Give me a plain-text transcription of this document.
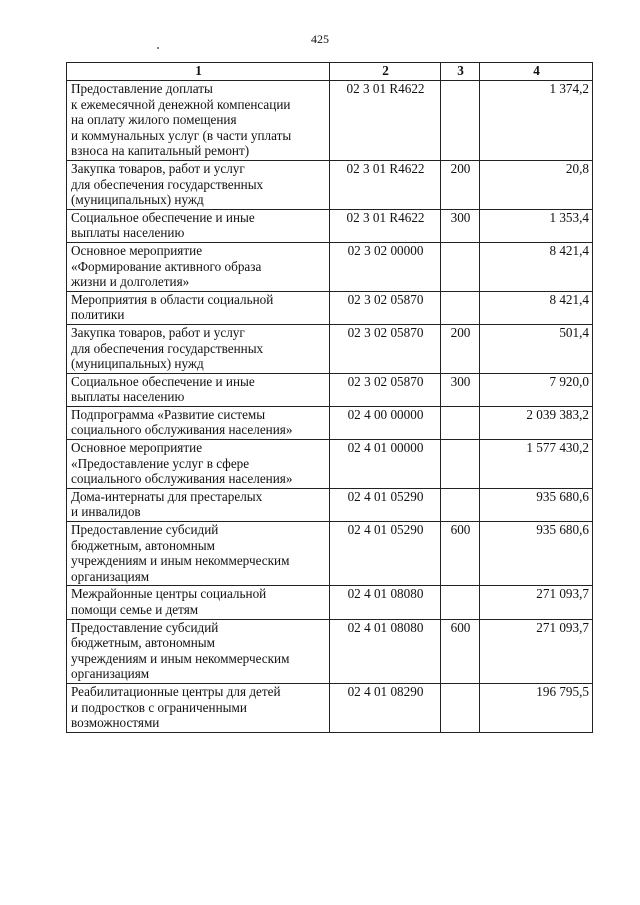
425
1	2	3	4
Предоставление доплаты
к ежемесячной денежной компенсации
на оплату жилого помещения
и коммунальных услуг (в части уплаты
взноса на капитальный ремонт)	02 3 01 R4622		1 374,2
Закупка товаров, работ и услуг
для обеспечения государственных
(муниципальных) нужд	02 3 01 R4622	200	20,8
Социальное обеспечение и иные
выплаты населению	02 3 01 R4622	300	1 353,4
Основное мероприятие
«Формирование активного образа
жизни и долголетия»	02 3 02 00000		8 421,4
Мероприятия в области социальной
политики	02 3 02 05870		8 421,4
Закупка товаров, работ и услуг
для обеспечения государственных
(муниципальных) нужд	02 3 02 05870	200	501,4
Социальное обеспечение и иные
выплаты населению	02 3 02 05870	300	7 920,0
Подпрограмма «Развитие системы
социального обслуживания населения»	02 4 00 00000		2 039 383,2
Основное мероприятие
«Предоставление услуг в сфере
социального обслуживания населения»	02 4 01 00000		1 577 430,2
Дома-интернаты для престарелых
и инвалидов	02 4 01 05290		935 680,6
Предоставление субсидий
бюджетным, автономным
учреждениям и иным некоммерческим
организациям	02 4 01 05290	600	935 680,6
Межрайонные центры социальной
помощи семье и детям	02 4 01 08080		271 093,7
Предоставление субсидий
бюджетным, автономным
учреждениям и иным некоммерческим
организациям	02 4 01 08080	600	271 093,7
Реабилитационные центры для детей
и подростков с ограниченными
возможностями	02 4 01 08290		196 795,5
